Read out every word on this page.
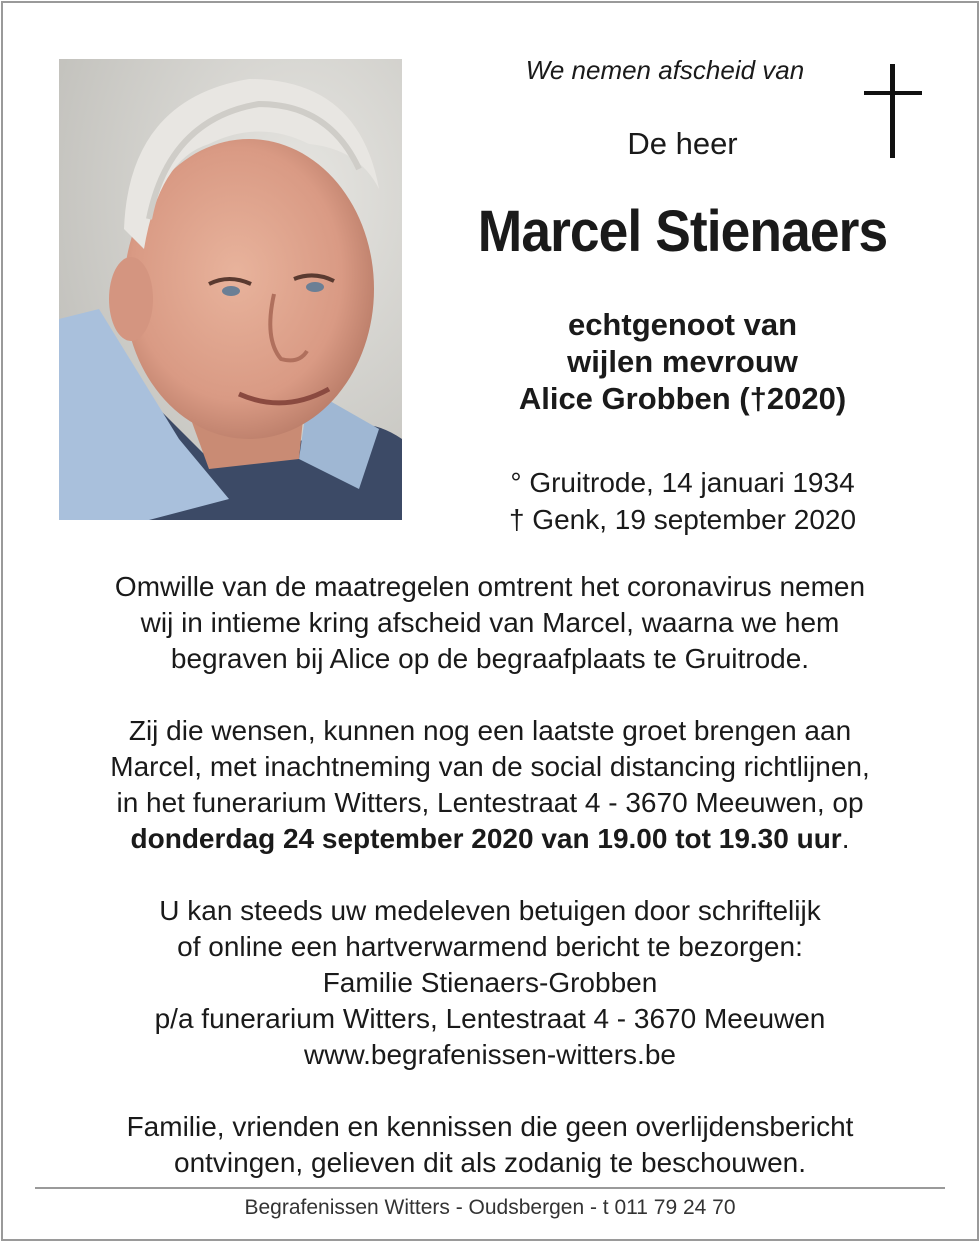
We nemen afscheid van
De heer
Marcel Stienaers
echtgenoot van
wijlen mevrouw
Alice Grobben (†2020)
° Gruitrode, 14 januari 1934
† Genk, 19 september 2020
Omwille van de maatregelen omtrent het coronavirus nemen
wij in intieme kring afscheid van Marcel, waarna we hem
begraven bij Alice op de begraafplaats te Gruitrode.
Zij die wensen, kunnen nog een laatste groet brengen aan
Marcel, met inachtneming van de social distancing richtlijnen,
in het funerarium Witters, Lentestraat 4 - 3670 Meeuwen, op
donderdag 24 september 2020 van 19.00 tot 19.30 uur.
U kan steeds uw medeleven betuigen door schriftelijk
of online een hartverwarmend bericht te bezorgen:
Familie Stienaers-Grobben
p/a funerarium Witters, Lentestraat 4 - 3670 Meeuwen
www.begrafenissen-witters.be
Familie, vrienden en kennissen die geen overlijdensbericht
ontvingen, gelieven dit als zodanig te beschouwen.
Begrafenissen Witters - Oudsbergen - t 011 79 24 70
